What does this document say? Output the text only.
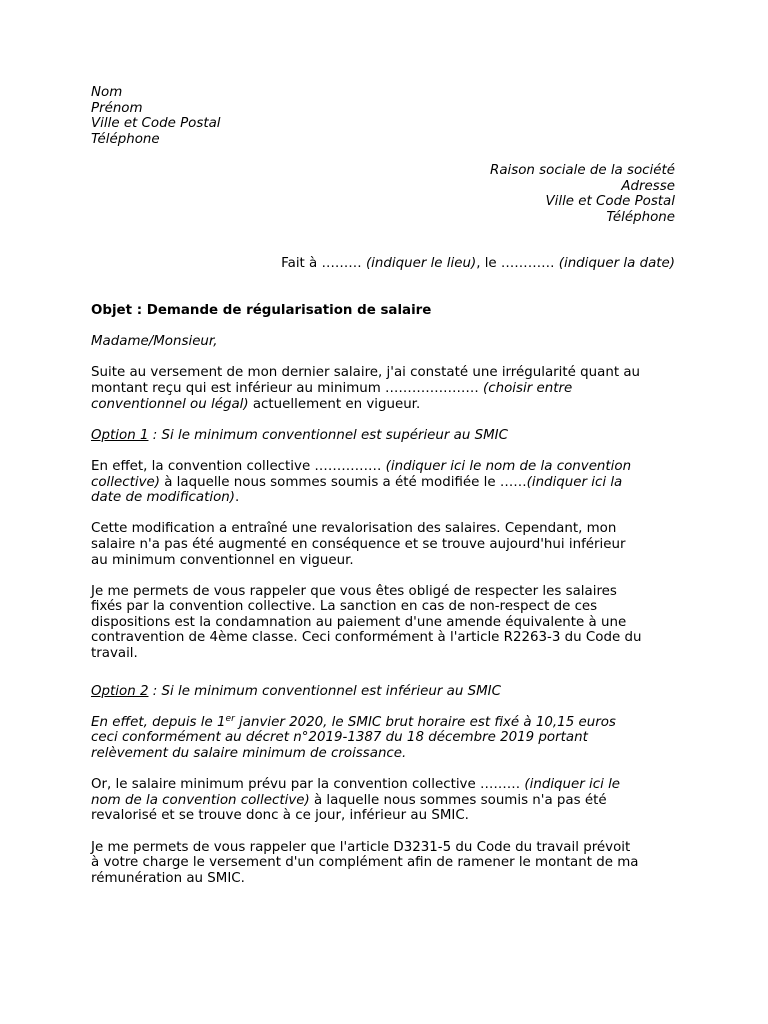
Nom
Prénom
Ville et Code Postal
Téléphone
Raison sociale de la société
Adresse
Ville et Code Postal
Téléphone
Fait à ……… (indiquer le lieu), le ………… (indiquer la date)

Objet : Demande de régularisation de salaire

Madame/Monsieur,

Suite au versement de mon dernier salaire, j'ai constaté une irrégularité quant au
montant reçu qui est inférieur au minimum ………………… (choisir entre
conventionnel ou légal) actuellement en vigueur.

Option 1 : Si le minimum conventionnel est supérieur au SMIC

En effet, la convention collective …………… (indiquer ici le nom de la convention
collective) à laquelle nous sommes soumis a été modifiée le ……(indiquer ici la
date de modification).

Cette modification a entraîné une revalorisation des salaires. Cependant, mon
salaire n'a pas été augmenté en conséquence et se trouve aujourd'hui inférieur
au minimum conventionnel en vigueur.

Je me permets de vous rappeler que vous êtes obligé de respecter les salaires
fixés par la convention collective. La sanction en cas de non-respect de ces
dispositions est la condamnation au paiement d'une amende équivalente à une
contravention de 4ème classe. Ceci conformément à l'article R2263-3 du Code du
travail.

Option 2 : Si le minimum conventionnel est inférieur au SMIC

En effet, depuis le 1er janvier 2020, le SMIC brut horaire est fixé à 10,15 euros
ceci conformément au décret n°2019-1387 du 18 décembre 2019 portant
relèvement du salaire minimum de croissance.

Or, le salaire minimum prévu par la convention collective ……… (indiquer ici le
nom de la convention collective) à laquelle nous sommes soumis n'a pas été
revalorisé et se trouve donc à ce jour, inférieur au SMIC.

Je me permets de vous rappeler que l'article D3231-5 du Code du travail prévoit
à votre charge le versement d'un complément afin de ramener le montant de ma
rémunération au SMIC.
